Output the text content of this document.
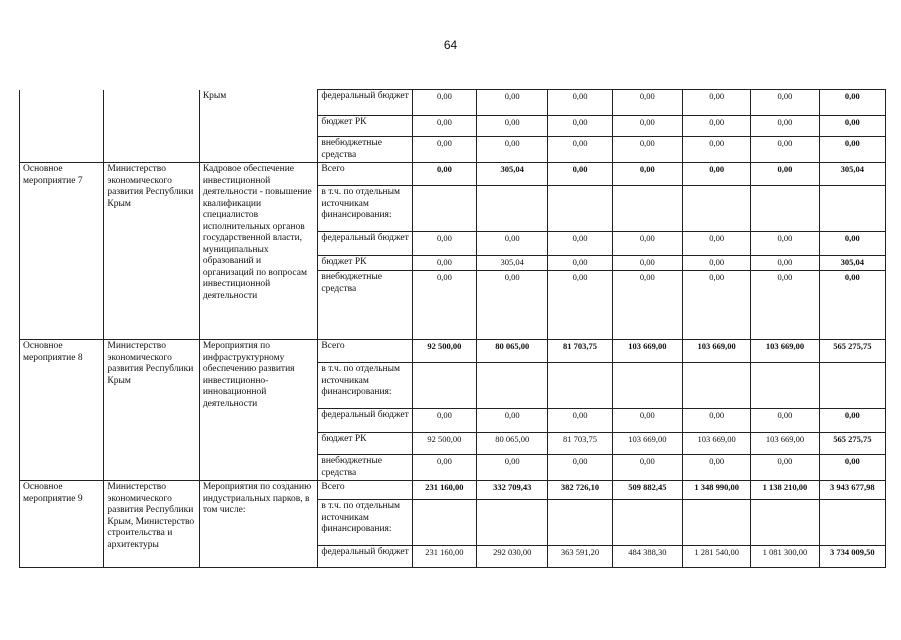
64
		Крым	федеральный бюджет	0,00	0,00	0,00	0,00	0,00	0,00	0,00
			бюджет РК	0,00	0,00	0,00	0,00	0,00	0,00	0,00
			внебюджетные средства	0,00	0,00	0,00	0,00	0,00	0,00	0,00
Основное мероприятие 7	Министерство экономического развития Республики Крым	Кадровое обеспечение инвестиционной деятельности - повышение квалификации специалистов исполнительных органов государственной власти, муниципальных образований и организаций по вопросам инвестиционной деятельности	Всего	0,00	305,04	0,00	0,00	0,00	0,00	305,04
			в т.ч. по отдельным источникам финансирования:							
			федеральный бюджет	0,00	0,00	0,00	0,00	0,00	0,00	0,00
			бюджет РК	0,00	305,04	0,00	0,00	0,00	0,00	305,04
			внебюджетные средства	0,00	0,00	0,00	0,00	0,00	0,00	0,00
Основное мероприятие 8	Министерство экономического развития Республики Крым	Мероприятия по инфраструктурному обеспечению развития инвестиционно-инновационной деятельности	Всего	92 500,00	80 065,00	81 703,75	103 669,00	103 669,00	103 669,00	565 275,75
			в т.ч. по отдельным источникам финансирования:							
			федеральный бюджет	0,00	0,00	0,00	0,00	0,00	0,00	0,00
			бюджет РК	92 500,00	80 065,00	81 703,75	103 669,00	103 669,00	103 669,00	565 275,75
			внебюджетные средства	0,00	0,00	0,00	0,00	0,00	0,00	0,00
Основное мероприятие 9	Министерство экономического развития Республики Крым, Министерство строительства и архитектуры	Мероприятия по созданию индустриальных парков, в том числе:	Всего	231 160,00	332 709,43	382 726,10	509 882,45	1 348 990,00	1 138 210,00	3 943 677,98
			в т.ч. по отдельным источникам финансирования:							
			федеральный бюджет	231 160,00	292 030,00	363 591,20	484 388,30	1 281 540,00	1 081 300,00	3 734 009,50
